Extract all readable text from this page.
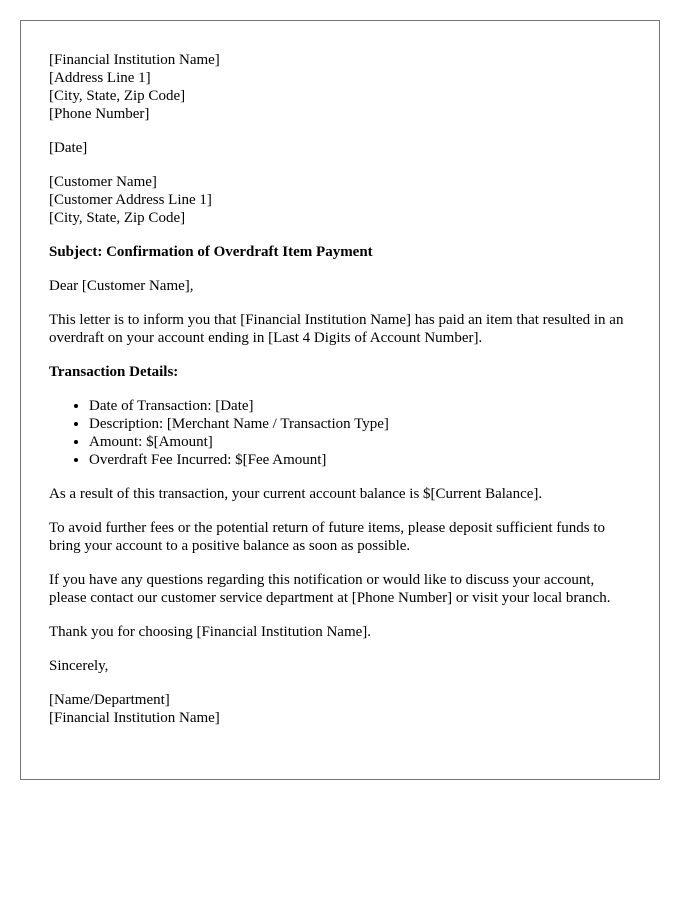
[Financial Institution Name]
[Address Line 1]
[City, State, Zip Code]
[Phone Number]

[Date]

[Customer Name]
[Customer Address Line 1]
[City, State, Zip Code]

Subject: Confirmation of Overdraft Item Payment

Dear [Customer Name],

This letter is to inform you that [Financial Institution Name] has paid an item that resulted in an overdraft on your account ending in [Last 4 Digits of Account Number].

Transaction Details:

• Date of Transaction: [Date]
• Description: [Merchant Name / Transaction Type]
• Amount: $[Amount]
• Overdraft Fee Incurred: $[Fee Amount]

As a result of this transaction, your current account balance is $[Current Balance].

To avoid further fees or the potential return of future items, please deposit sufficient funds to bring your account to a positive balance as soon as possible.

If you have any questions regarding this notification or would like to discuss your account, please contact our customer service department at [Phone Number] or visit your local branch.

Thank you for choosing [Financial Institution Name].

Sincerely,

[Name/Department]
[Financial Institution Name]
